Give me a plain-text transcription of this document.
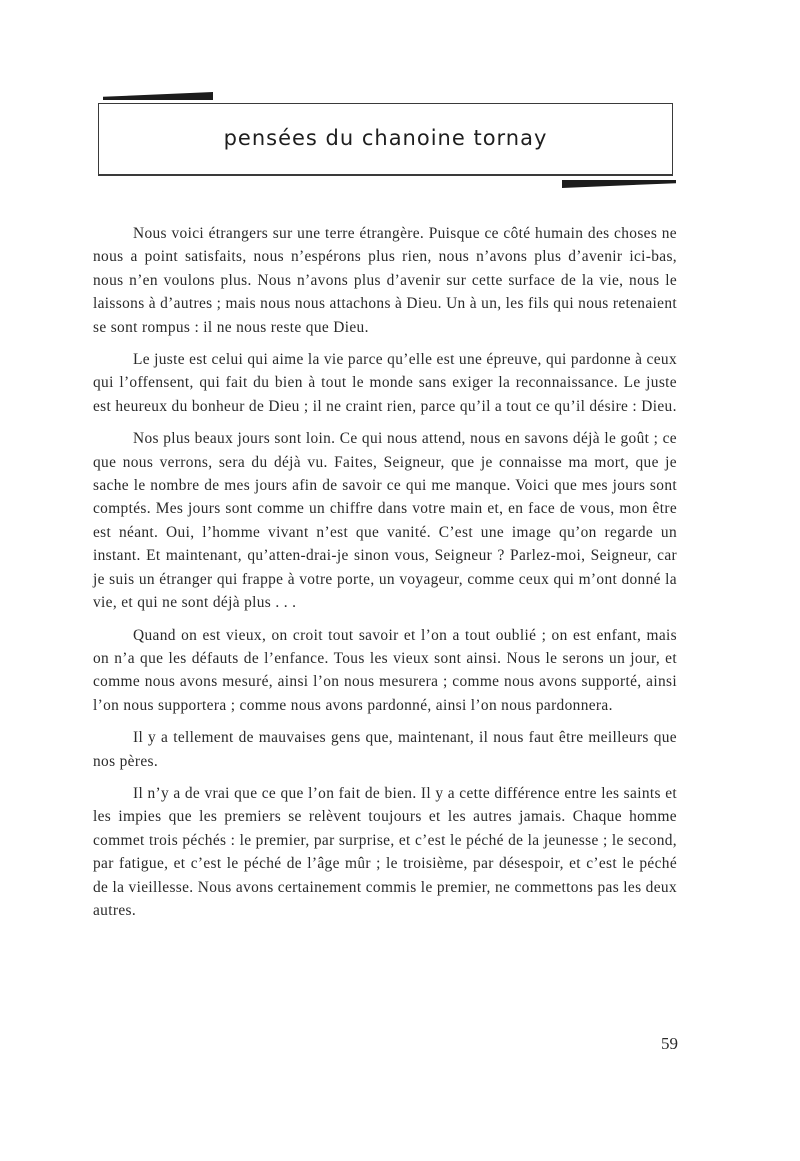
pensées du chanoine tornay

Nous voici étrangers sur une terre étrangère. Puisque ce côté humain des choses ne nous a point satisfaits, nous n’espérons plus rien, nous n’avons plus d’avenir ici-bas, nous n’en voulons plus. Nous n’avons plus d’avenir sur cette surface de la vie, nous le laissons à d’autres ; mais nous nous attachons à Dieu. Un à un, les fils qui nous retenaient se sont rompus : il ne nous reste que Dieu.

Le juste est celui qui aime la vie parce qu’elle est une épreuve, qui pardonne à ceux qui l’offensent, qui fait du bien à tout le monde sans exiger la reconnaissance. Le juste est heureux du bonheur de Dieu ; il ne craint rien, parce qu’il a tout ce qu’il désire : Dieu.

Nos plus beaux jours sont loin. Ce qui nous attend, nous en savons déjà le goût ; ce que nous verrons, sera du déjà vu. Faites, Seigneur, que je connaisse ma mort, que je sache le nombre de mes jours afin de savoir ce qui me manque. Voici que mes jours sont comptés. Mes jours sont comme un chiffre dans votre main et, en face de vous, mon être est néant. Oui, l’homme vivant n’est que vanité. C’est une image qu’on regarde un instant. Et maintenant, qu’atten-drai-je sinon vous, Seigneur ? Parlez-moi, Seigneur, car je suis un étranger qui frappe à votre porte, un voyageur, comme ceux qui m’ont donné la vie, et qui ne sont déjà plus . . .

Quand on est vieux, on croit tout savoir et l’on a tout oublié ; on est enfant, mais on n’a que les défauts de l’enfance. Tous les vieux sont ainsi. Nous le serons un jour, et comme nous avons mesuré, ainsi l’on nous mesurera ; comme nous avons supporté, ainsi l’on nous supportera ; comme nous avons pardonné, ainsi l’on nous pardonnera.

Il y a tellement de mauvaises gens que, maintenant, il nous faut être meilleurs que nos pères.

Il n’y a de vrai que ce que l’on fait de bien. Il y a cette différence entre les saints et les impies que les premiers se relèvent toujours et les autres jamais. Chaque homme commet trois péchés : le premier, par surprise, et c’est le péché de la jeunesse ; le second, par fatigue, et c’est le péché de l’âge mûr ; le troisième, par désespoir, et c’est le péché de la vieillesse. Nous avons certainement commis le premier, ne commettons pas les deux autres.

59
